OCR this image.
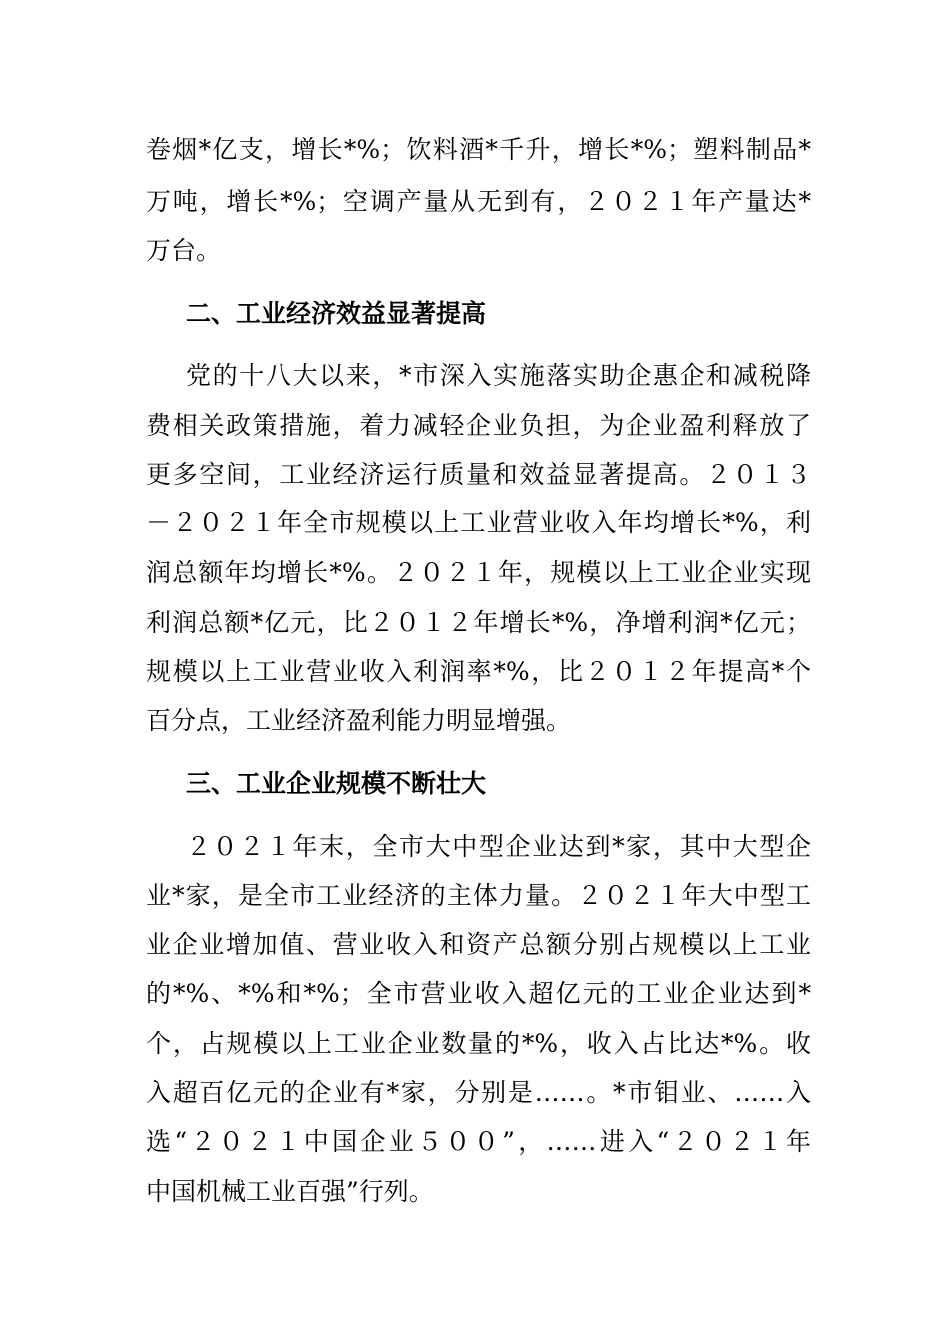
卷烟*亿支，增长*%；饮料酒*千升，增长*%；塑料制品*
万吨，增长*%；空调产量从无到有，２０２１年产量达*
万台。
二、工业经济效益显著提高
党的十八大以来，*市深入实施落实助企惠企和减税降
费相关政策措施，着力减轻企业负担，为企业盈利释放了
更多空间，工业经济运行质量和效益显著提高。２０１３
－２０２１年全市规模以上工业营业收入年均增长*%，利
润总额年均增长*%。２０２１年，规模以上工业企业实现
利润总额*亿元，比２０１２年增长*%，净增利润*亿元；
规模以上工业营业收入利润率*%，比２０１２年提高*个
百分点，工业经济盈利能力明显增强。
三、工业企业规模不断壮大
２０２１年末，全市大中型企业达到*家，其中大型企
业*家，是全市工业经济的主体力量。２０２１年大中型工
业企业增加值、营业收入和资产总额分别占规模以上工业
的*%、*%和*%；全市营业收入超亿元的工业企业达到*
个，占规模以上工业企业数量的*%，收入占比达*%。收
入超百亿元的企业有*家，分别是……。*市钼业、……入
选“２０２１中国企业５００”，……进入“２０２１年
中国机械工业百强”行列。
